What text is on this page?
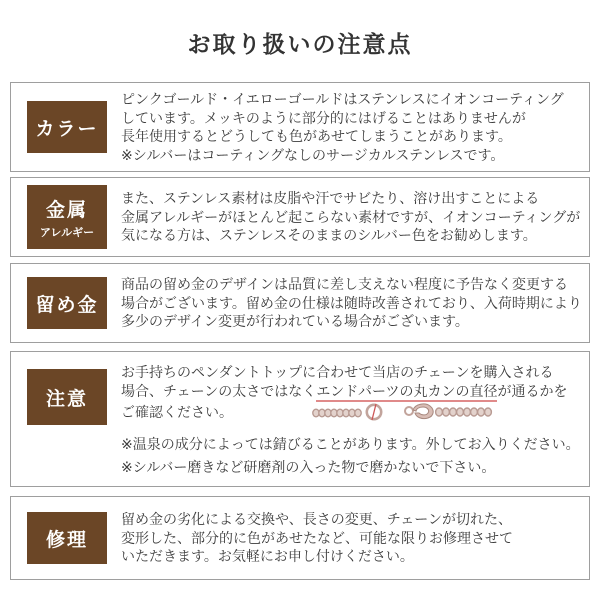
お取り扱いの注意点
カラー
ピンクゴールド・イエローゴールドはステンレスにイオンコーティング
しています。メッキのように部分的にはげることはありませんが
長年使用するとどうしても色があせてしまうことがあります。
※シルバーはコーティングなしのサージカルステンレスです。
金属
アレルギー
また、ステンレス素材は皮脂や汗でサビたり、溶け出すことによる
金属アレルギーがほとんど起こらない素材ですが、イオンコーティングが
気になる方は、ステンレスそのままのシルバー色をお勧めします。
留め金
商品の留め金のデザインは品質に差し支えない程度に予告なく変更する
場合がございます。留め金の仕様は随時改善されており、入荷時期により
多少のデザイン変更が行われている場合がございます。
注意
お手持ちのペンダントトップに合わせて当店のチェーンを購入される
場合、チェーンの太さではなくエンドパーツの丸カンの直径が通るかを
ご確認ください。
※温泉の成分によっては錆びることがあります。外してお入りください。
※シルバー磨きなど研磨剤の入った物で磨かないで下さい。
修理
留め金の劣化による交換や、長さの変更、チェーンが切れた、
変形した、部分的に色があせたなど、可能な限りお修理させて
いただきます。お気軽にお申し付けください。
